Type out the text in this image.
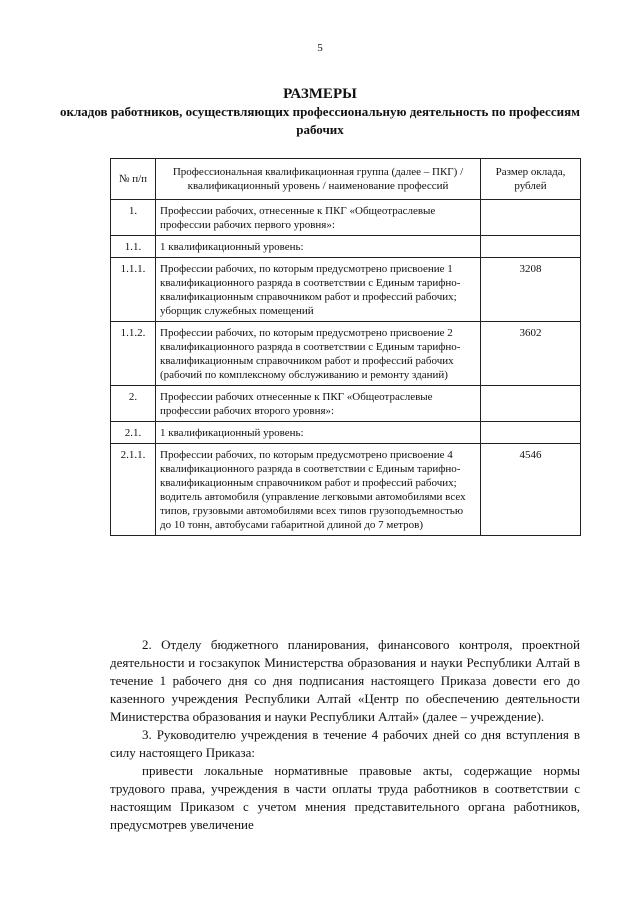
5
РАЗМЕРЫ
окладов работников, осуществляющих профессиональную деятельность по профессиям рабочих
№ п/п	Профессиональная квалификационная группа (далее – ПКГ) / квалификационный уровень / наименование профессий	Размер оклада, рублей
1.	Профессии рабочих, отнесенные к ПКГ «Общеотраслевые профессии рабочих первого уровня»:	
1.1.	1 квалификационный уровень:	
1.1.1.	Профессии рабочих, по которым предусмотрено присвоение 1 квалификационного разряда в соответствии с Единым тарифно-квалификационным справочником работ и профессий рабочих; уборщик служебных помещений	3208
1.1.2.	Профессии рабочих, по которым предусмотрено присвоение 2 квалификационного разряда в соответствии с Единым тарифно-квалификационным справочником работ и профессий рабочих (рабочий по комплексному обслуживанию и ремонту зданий)	3602
2.	Профессии рабочих отнесенные к ПКГ «Общеотраслевые профессии рабочих второго уровня»:	
2.1.	1 квалификационный уровень:	
2.1.1.	Профессии рабочих, по которым предусмотрено присвоение 4 квалификационного разряда в соответствии с Единым тарифно-квалификационным справочником работ и профессий рабочих; водитель автомобиля (управление легковыми автомобилями всех типов, грузовыми автомобилями всех типов грузоподъемностью до 10 тонн, автобусами габаритной длиной до 7 метров)	4546

2. Отделу бюджетного планирования, финансового контроля, проектной деятельности и госзакупок Министерства образования и науки Республики Алтай в течение 1 рабочего дня со дня подписания настоящего Приказа довести его до казенного учреждения Республики Алтай «Центр по обеспечению деятельности Министерства образования и науки Республики Алтай» (далее – учреждение).

3. Руководителю учреждения в течение 4 рабочих дней со дня вступления в силу настоящего Приказа:

привести локальные нормативные правовые акты, содержащие нормы трудового права, учреждения в части оплаты труда работников в соответствии с настоящим Приказом с учетом мнения представительного органа работников, предусмотрев увеличение
